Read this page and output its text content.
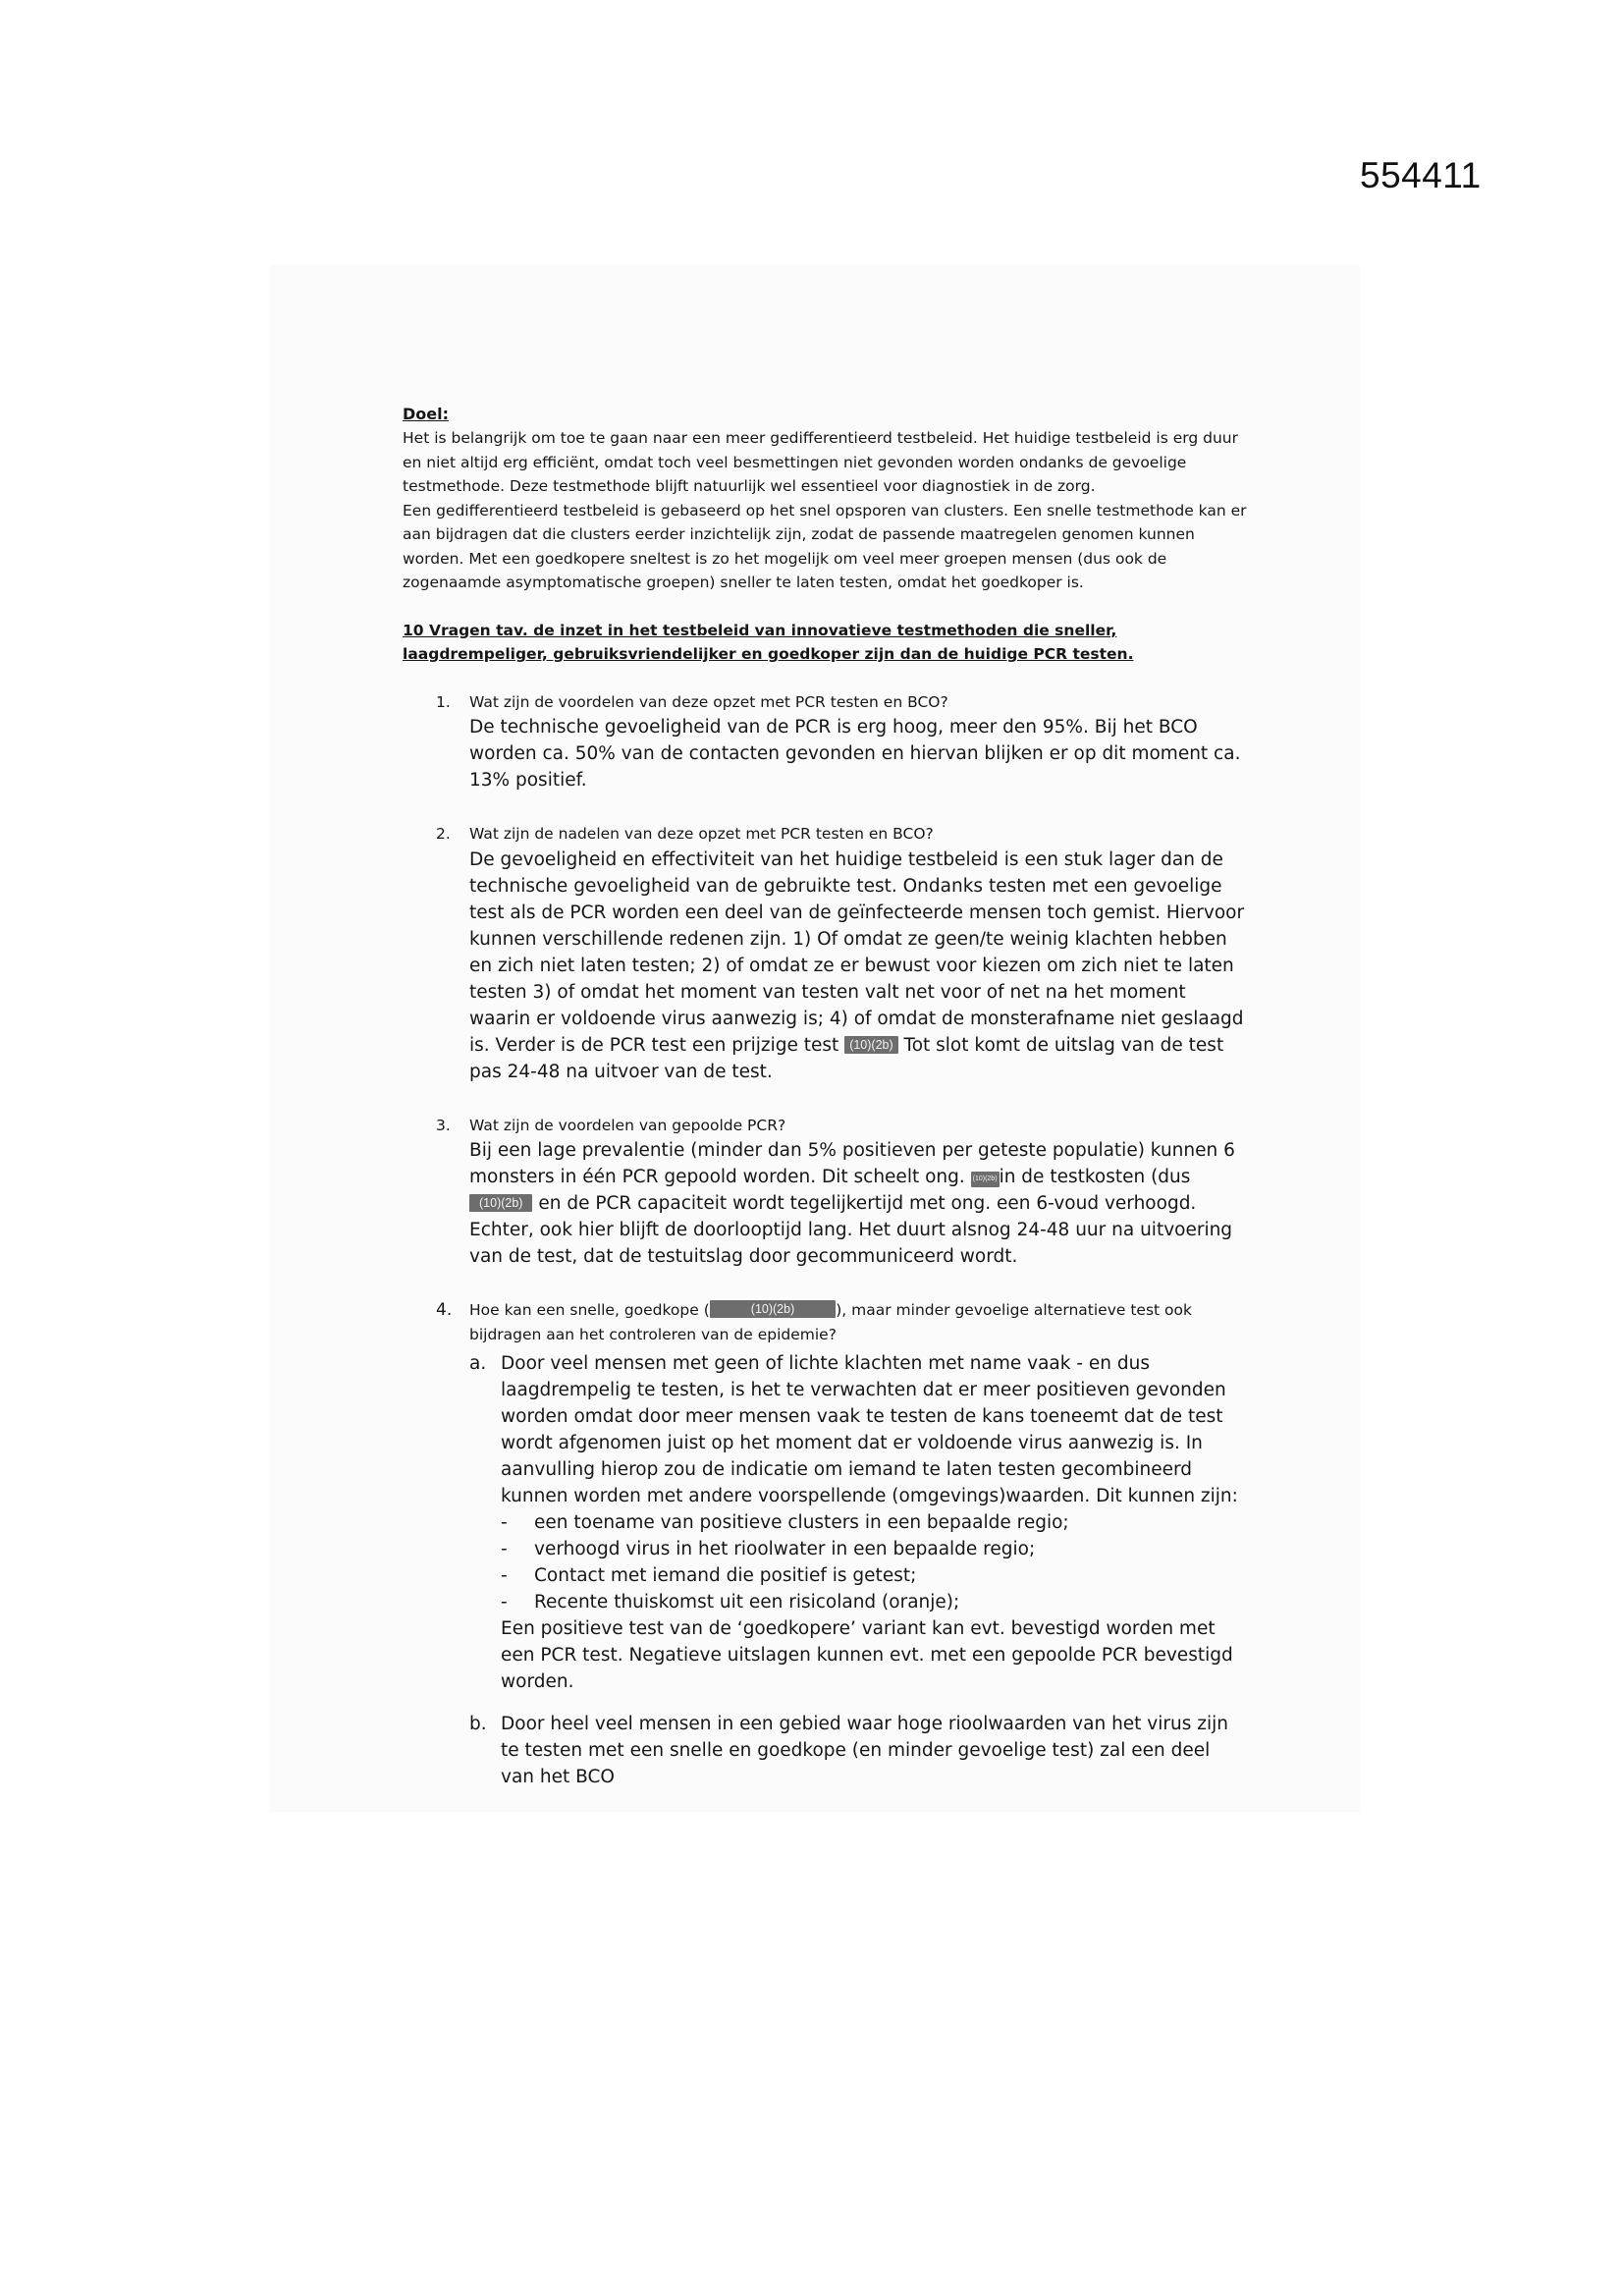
554411
Doel:

Het is belangrijk om toe te gaan naar een meer gedifferentieerd testbeleid. Het huidige testbeleid is erg duur en niet altijd erg efficiënt, omdat toch veel besmettingen niet gevonden worden ondanks de gevoelige testmethode. Deze testmethode blijft natuurlijk wel essentieel voor diagnostiek in de zorg.

Een gedifferentieerd testbeleid is gebaseerd op het snel opsporen van clusters. Een snelle testmethode kan er aan bijdragen dat die clusters eerder inzichtelijk zijn, zodat de passende maatregelen genomen kunnen worden. Met een goedkopere sneltest is zo het mogelijk om veel meer groepen mensen (dus ook de zogenaamde asymptomatische groepen) sneller te laten testen, omdat het goedkoper is.

10 Vragen tav. de inzet in het testbeleid van innovatieve testmethoden die sneller, laagdrempeliger, gebruiksvriendelijker en goedkoper zijn dan de huidige PCR testen.
1. Wat zijn de voordelen van deze opzet met PCR testen en BCO?
De technische gevoeligheid van de PCR is erg hoog, meer den 95%. Bij het BCO worden ca. 50% van de contacten gevonden en hiervan blijken er op dit moment ca. 13% positief.
2. Wat zijn de nadelen van deze opzet met PCR testen en BCO?
De gevoeligheid en effectiviteit van het huidige testbeleid is een stuk lager dan de technische gevoeligheid van de gebruikte test. Ondanks testen met een gevoelige test als de PCR worden een deel van de geïnfecteerde mensen toch gemist. Hiervoor kunnen verschillende redenen zijn. 1) Of omdat ze geen/te weinig klachten hebben en zich niet laten testen; 2) of omdat ze er bewust voor kiezen om zich niet te laten testen 3) of omdat het moment van testen valt net voor of net na het moment waarin er voldoende virus aanwezig is; 4) of omdat de monsterafname niet geslaagd is. Verder is de PCR test een prijzige test (10)(2b) Tot slot komt de uitslag van de test pas 24-48 na uitvoer van de test.
3. Wat zijn de voordelen van gepoolde PCR?
Bij een lage prevalentie (minder dan 5% positieven per geteste populatie) kunnen 6 monsters in één PCR gepoold worden. Dit scheelt ong. (10)(2b) in de testkosten (dus (10)(2b) en de PCR capaciteit wordt tegelijkertijd met ong. een 6-voud verhoogd. Echter, ook hier blijft de doorlooptijd lang. Het duurt alsnog 24-48 uur na uitvoering van de test, dat de testuitslag door gecommuniceerd wordt.
4. Hoe kan een snelle, goedkope (	(10)(2b)	), maar minder gevoelige alternatieve test ook bijdragen aan het controleren van de epidemie?
a. Door veel mensen met geen of lichte klachten met name vaak - en dus laagdrempelig te testen, is het te verwachten dat er meer positieven gevonden worden omdat door meer mensen vaak te testen de kans toeneemt dat de test wordt afgenomen juist op het moment dat er voldoende virus aanwezig is. In aanvulling hierop zou de indicatie om iemand te laten testen gecombineerd kunnen worden met andere voorspellende (omgevings)waarden. Dit kunnen zijn:
- een toename van positieve clusters in een bepaalde regio;
- verhoogd virus in het rioolwater in een bepaalde regio;
- Contact met iemand die positief is getest;
- Recente thuiskomst uit een risicoland (oranje);
Een positieve test van de ‘goedkopere’ variant kan evt. bevestigd worden met een PCR test. Negatieve uitslagen kunnen evt. met een gepoolde PCR bevestigd worden.
b. Door heel veel mensen in een gebied waar hoge rioolwaarden van het virus zijn te testen met een snelle en goedkope (en minder gevoelige test) zal een deel van het BCO
